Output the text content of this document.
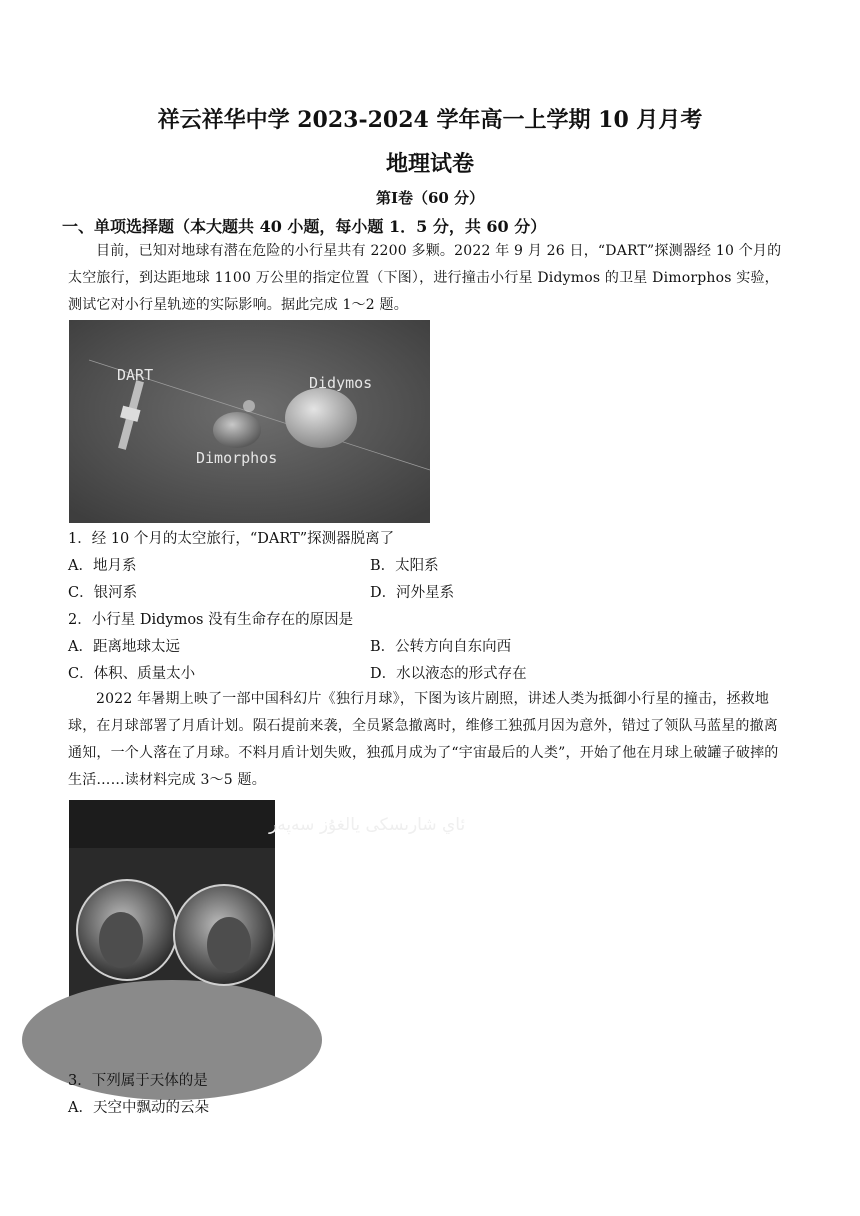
祥云祥华中学 2023-2024 学年高一上学期 10 月月考
地理试卷
第Ⅰ卷（60 分）
一、单项选择题（本大题共 40 小题，每小题 1．5 分，共 60 分）
目前，已知对地球有潜在危险的小行星共有 2200 多颗。2022 年 9 月 26 日，“DART”探测器经 10 个月的太空旅行，到达距地球 1100 万公里的指定位置（下图），进行撞击小行星 Didymos 的卫星 Dimorphos 实验，测试它对小行星轨迹的实际影响。据此完成 1～2 题。
DART	Didymos
Dimorphos
1．经 10 个月的太空旅行，“DART”探测器脱离了
A．地月系	B．太阳系
C．银河系	D．河外星系
2．小行星 Didymos 没有生命存在的原因是
A．距离地球太远	B．公转方向自东向西
C．体积、质量太小	D．水以液态的形式存在
2022 年暑期上映了一部中国科幻片《独行月球》，下图为该片剧照，讲述人类为抵御小行星的撞击，拯救地球，在月球部署了月盾计划。陨石提前来袭，全员紧急撤离时，维修工独孤月因为意外，错过了领队马蓝星的撤离通知，一个人落在了月球。不料月盾计划失败，独孤月成为了“宇宙最后的人类”，开始了他在月球上破罐子破摔的生活……读材料完成 3～5 题。
ئاي شارىسكى يالغۇز سەپەر
3．下列属于天体的是
A．天空中飘动的云朵
